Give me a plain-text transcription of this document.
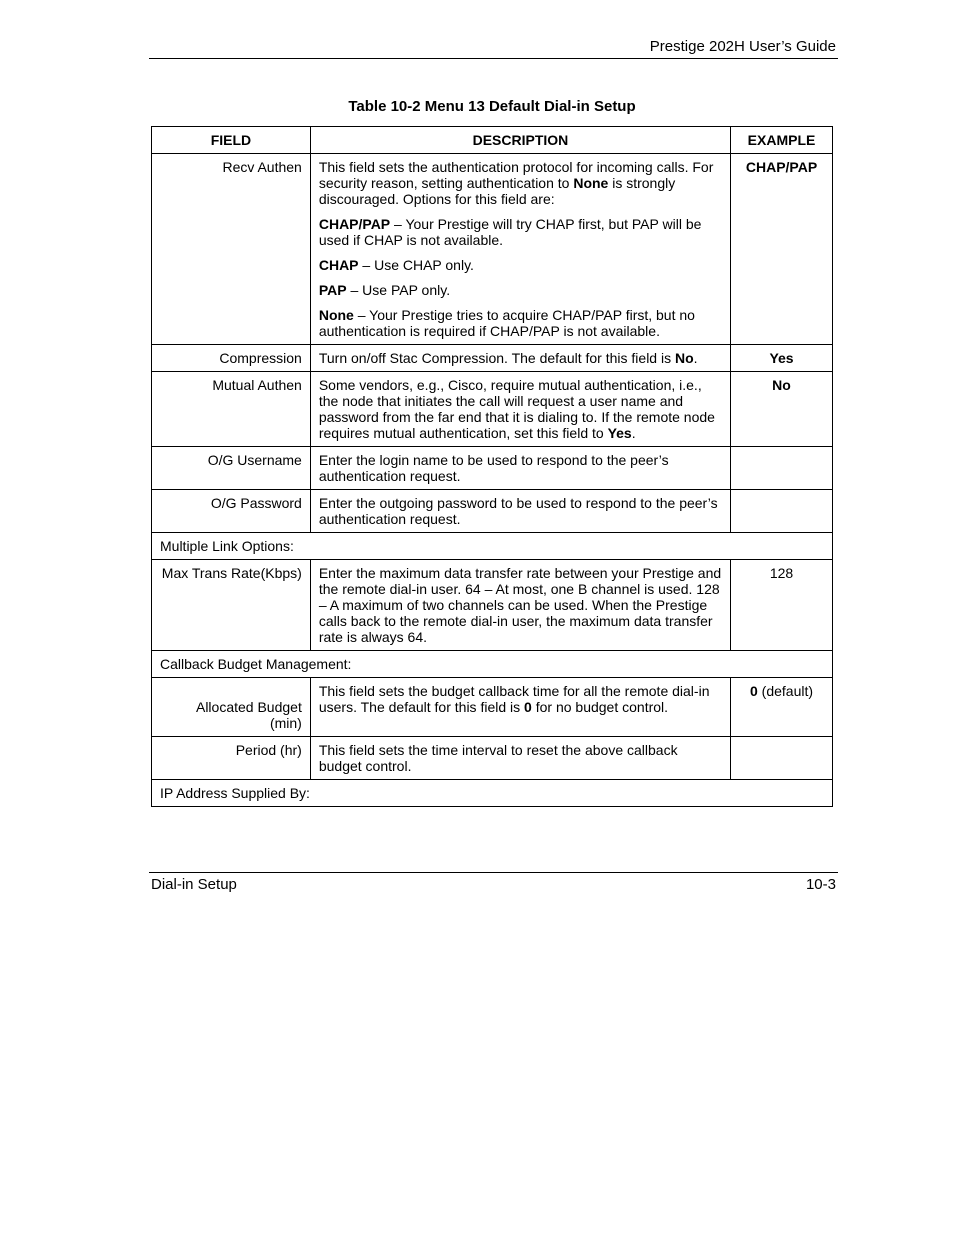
Prestige 202H User’s Guide
Table 10-2 Menu 13 Default Dial-in Setup
FIELD	DESCRIPTION	EXAMPLE
Recv Authen	This field sets the authentication protocol for incoming calls. For security reason, setting authentication to None is strongly discouraged. Options for this field are:

CHAP/PAP – Your Prestige will try CHAP first, but PAP will be used if CHAP is not available.

CHAP – Use CHAP only.

PAP – Use PAP only.

None – Your Prestige tries to acquire CHAP/PAP first, but no authentication is required if CHAP/PAP is not available.	CHAP/PAP
Compression	Turn on/off Stac Compression. The default for this field is No.	Yes
Mutual Authen	Some vendors, e.g., Cisco, require mutual authentication, i.e., the node that initiates the call will request a user name and password from the far end that it is dialing to. If the remote node requires mutual authentication, set this field to Yes.	No
O/G Username	Enter the login name to be used to respond to the peer’s authentication request.	
O/G Password	Enter the outgoing password to be used to respond to the peer’s authentication request.	
Multiple Link Options:		
Max Trans Rate(Kbps)	Enter the maximum data transfer rate between your Prestige and the remote dial-in user. 64 – At most, one B channel is used. 128 – A maximum of two channels can be used. When the Prestige calls back to the remote dial-in user, the maximum data transfer rate is always 64.	128
Callback Budget Management:		
Allocated Budget
(min)	This field sets the budget callback time for all the remote dial-in users. The default for this field is 0 for no budget control.	0 (default)
Period (hr)	This field sets the time interval to reset the above callback budget control.	
IP Address Supplied By:		
Dial-in Setup	10-3
